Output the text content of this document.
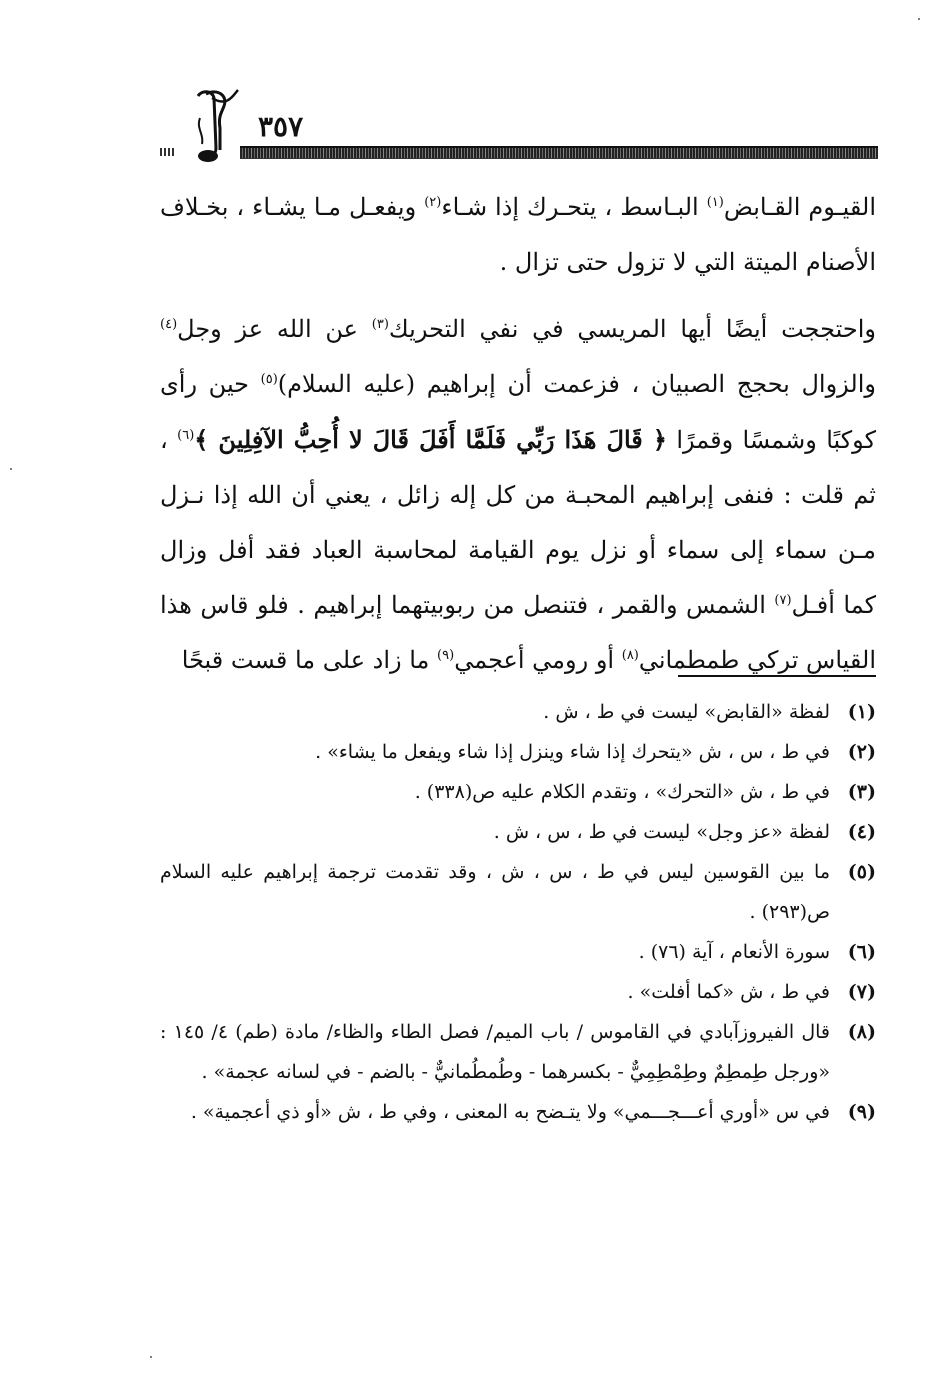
٣٥٧

القيـوم القـابض$^{(١)}$ البـاسط ، يتحـرك إذا شـاء$^{(٢)}$ ويفعـل مـا يشـاء ، بخـلاف الأصنام الميتة التي لا تزول حتى تزال .

واحتججت أيضًا أيها المريسي في نفي التحريك$^{(٣)}$ عن الله عز وجل$^{(٤)}$ والزوال بحجج الصبيان ، فزعمت أن إبراهيم (عليه السلام)$^{(٥)}$ حين رأى كوكبًا وشمسًا وقمرًا ﴿ قَالَ هَذَا رَبِّي فَلَمَّا أَفَلَ قَالَ لا أُحِبُّ الآفِلِينَ ﴾$^{(٦)}$ ، ثم قلت : فنفى إبراهيم المحبـة من كل إله زائل ، يعني أن الله إذا نـزل مـن سماء إلى سماء أو نزل يوم القيامة لمحاسبة العباد فقد أفل وزال كما أفـل$^{(٧)}$ الشمس والقمر ، فتنصل من ربوبيتهما إبراهيم . فلو قاس هذا القياس تركي طمطماني$^{(٨)}$ أو رومي أعجمي$^{(٩)}$ ما زاد على ما قست قبحًا

(١)
لفظة «القابض» ليست في ط ، ش .
(٢)
في ط ، س ، ش «يتحرك إذا شاء وينزل إذا شاء ويفعل ما يشاء» .
(٣)
في ط ، ش «التحرك» ، وتقدم الكلام عليه ص(٣٣٨) .
(٤)
لفظة «عز وجل» ليست في ط ، س ، ش .
(٥)
ما بين القوسين ليس في ط ، س ، ش ، وقد تقدمت ترجمة إبراهيم عليه السلام ص(٢٩٣) .
(٦)
سورة الأنعام ، آية (٧٦) .
(٧)
في ط ، ش «كما أفلت» .
(٨)
قال الفيروزآبادي في القاموس / باب الميم/ فصل الطاء والظاء/ مادة (طم) ٤/ ١٤٥ : «ورجل طِمطِمٌ وطِمْطِمِيٌّ - بكسرهما - وطُمطُمانيٌّ - بالضم - في لسانه عجمة» .
(٩)
في س «أوري أعـــجـــمي» ولا يتـضح به المعنى ، وفي ط ، ش «أو ذي أعجمية» .
